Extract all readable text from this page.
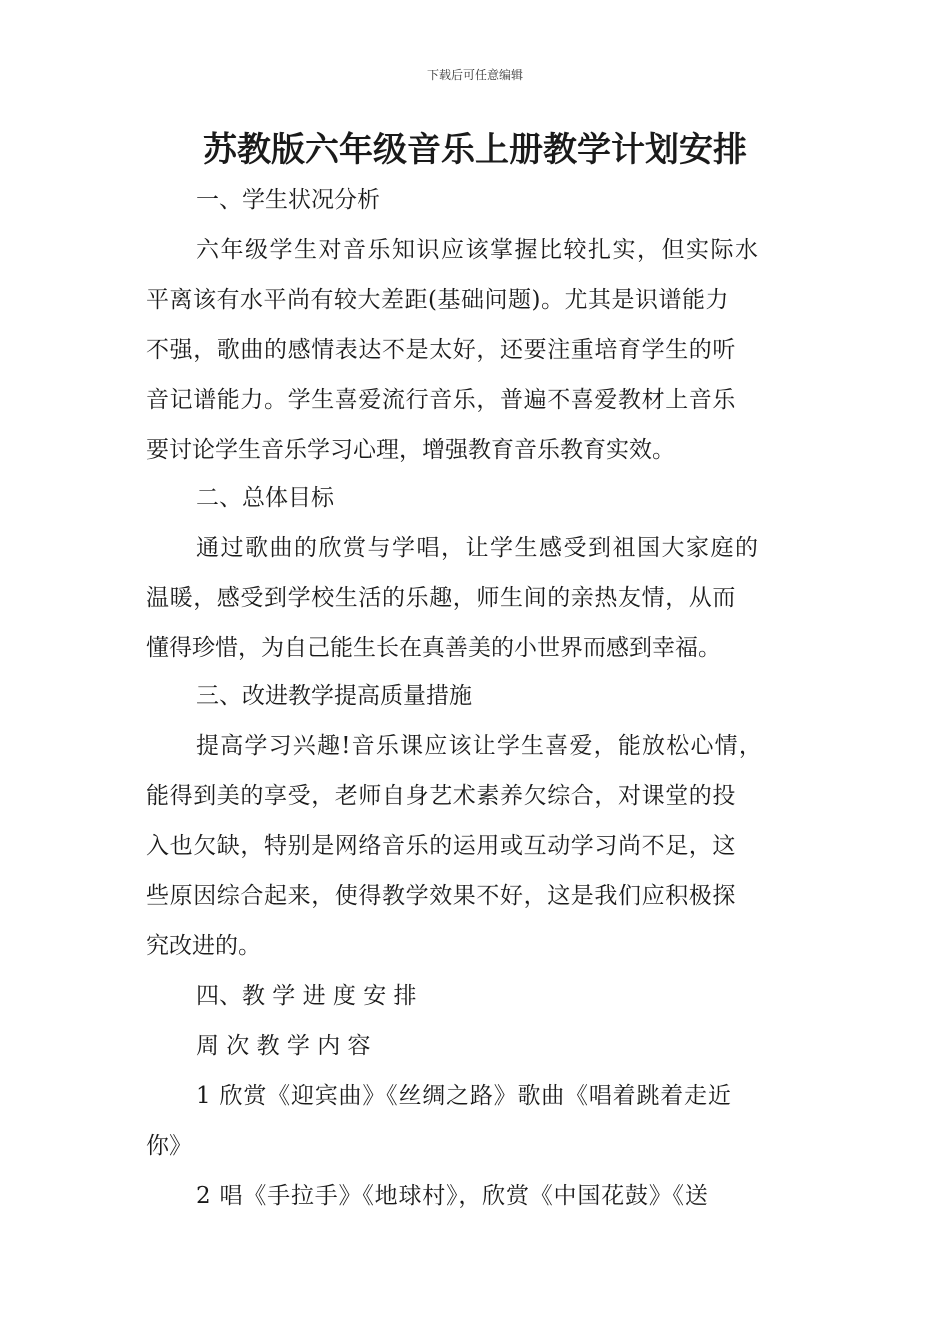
下载后可任意编辑
苏教版六年级音乐上册教学计划安排
一、学生状况分析
六年级学生对音乐知识应该掌握比较扎实，但实际水
平离该有水平尚有较大差距(基础问题)。尤其是识谱能力
不强，歌曲的感情表达不是太好，还要注重培育学生的听
音记谱能力。学生喜爱流行音乐，普遍不喜爱教材上音乐
要讨论学生音乐学习心理，增强教育音乐教育实效。
二、总体目标
通过歌曲的欣赏与学唱，让学生感受到祖国大家庭的
温暖，感受到学校生活的乐趣，师生间的亲热友情，从而
懂得珍惜，为自己能生长在真善美的小世界而感到幸福。
三、改进教学提高质量措施
提高学习兴趣!音乐课应该让学生喜爱，能放松心情，
能得到美的享受，老师自身艺术素养欠综合，对课堂的投
入也欠缺，特别是网络音乐的运用或互动学习尚不足，这
些原因综合起来，使得教学效果不好，这是我们应积极探
究改进的。
四、教 学 进 度 安 排
周 次 教 学 内 容
1 欣赏《迎宾曲》《丝绸之路》歌曲《唱着跳着走近
你》
2 唱《手拉手》《地球村》，欣赏《中国花鼓》《送
